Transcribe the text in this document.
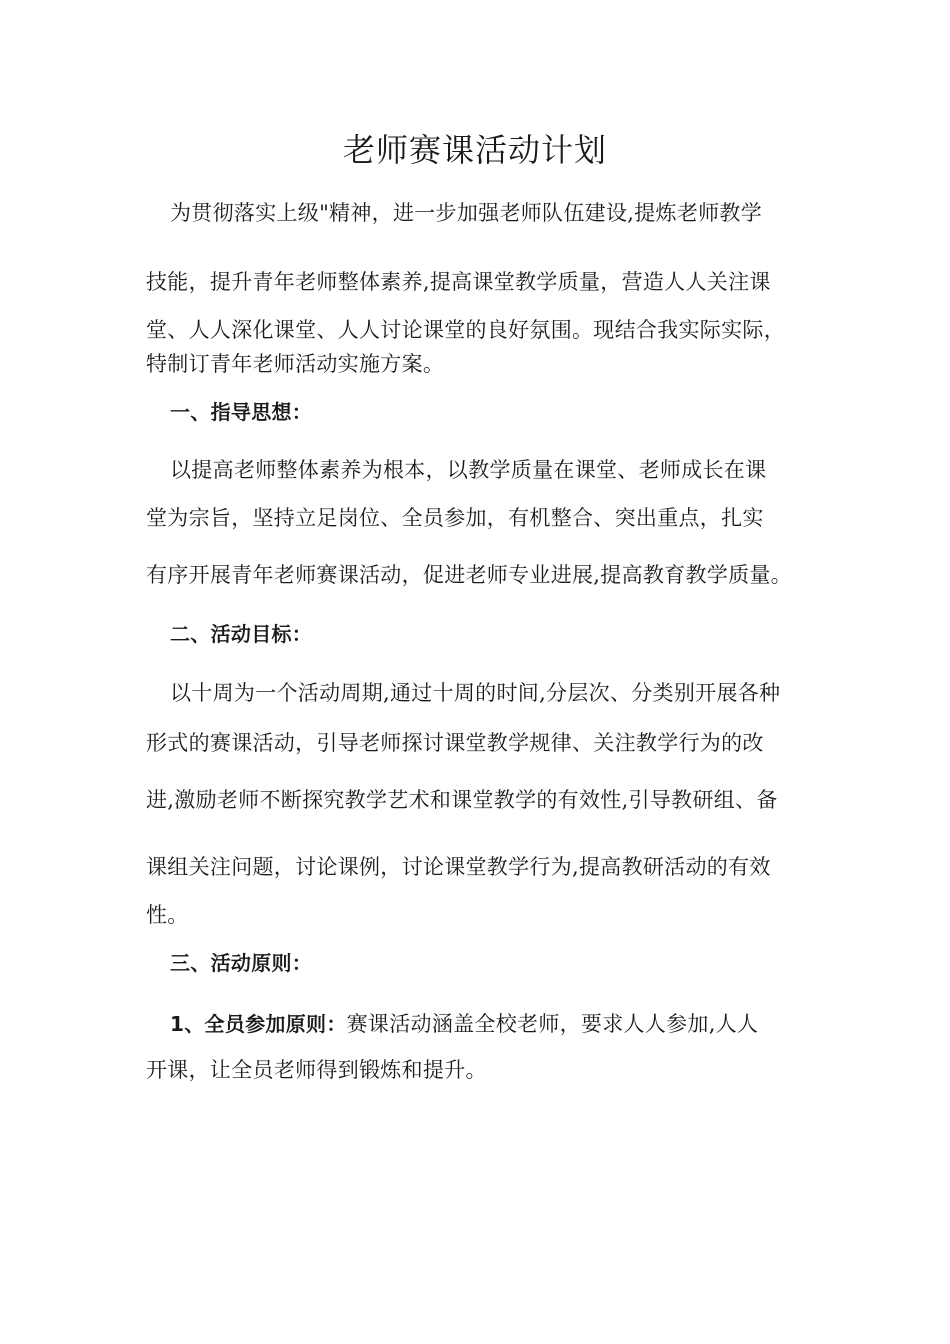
老师赛课活动计划
为贯彻落实上级"精神，进一步加强老师队伍建设,提炼老师教学
技能，提升青年老师整体素养,提高课堂教学质量，营造人人关注课
堂、人人深化课堂、人人讨论课堂的良好氛围。现结合我实际实际，
特制订青年老师活动实施方案。
一、指导思想：
以提高老师整体素养为根本，以教学质量在课堂、老师成长在课
堂为宗旨，坚持立足岗位、全员参加，有机整合、突出重点，扎实
有序开展青年老师赛课活动，促进老师专业进展,提高教育教学质量。
二、活动目标：
以十周为一个活动周期,通过十周的时间,分层次、分类别开展各种
形式的赛课活动，引导老师探讨课堂教学规律、关注教学行为的改
进,激励老师不断探究教学艺术和课堂教学的有效性,引导教研组、备
课组关注问题，讨论课例，讨论课堂教学行为,提高教研活动的有效
性。
三、活动原则：
1、全员参加原则：赛课活动涵盖全校老师，要求人人参加,人人
开课，让全员老师得到锻炼和提升。
